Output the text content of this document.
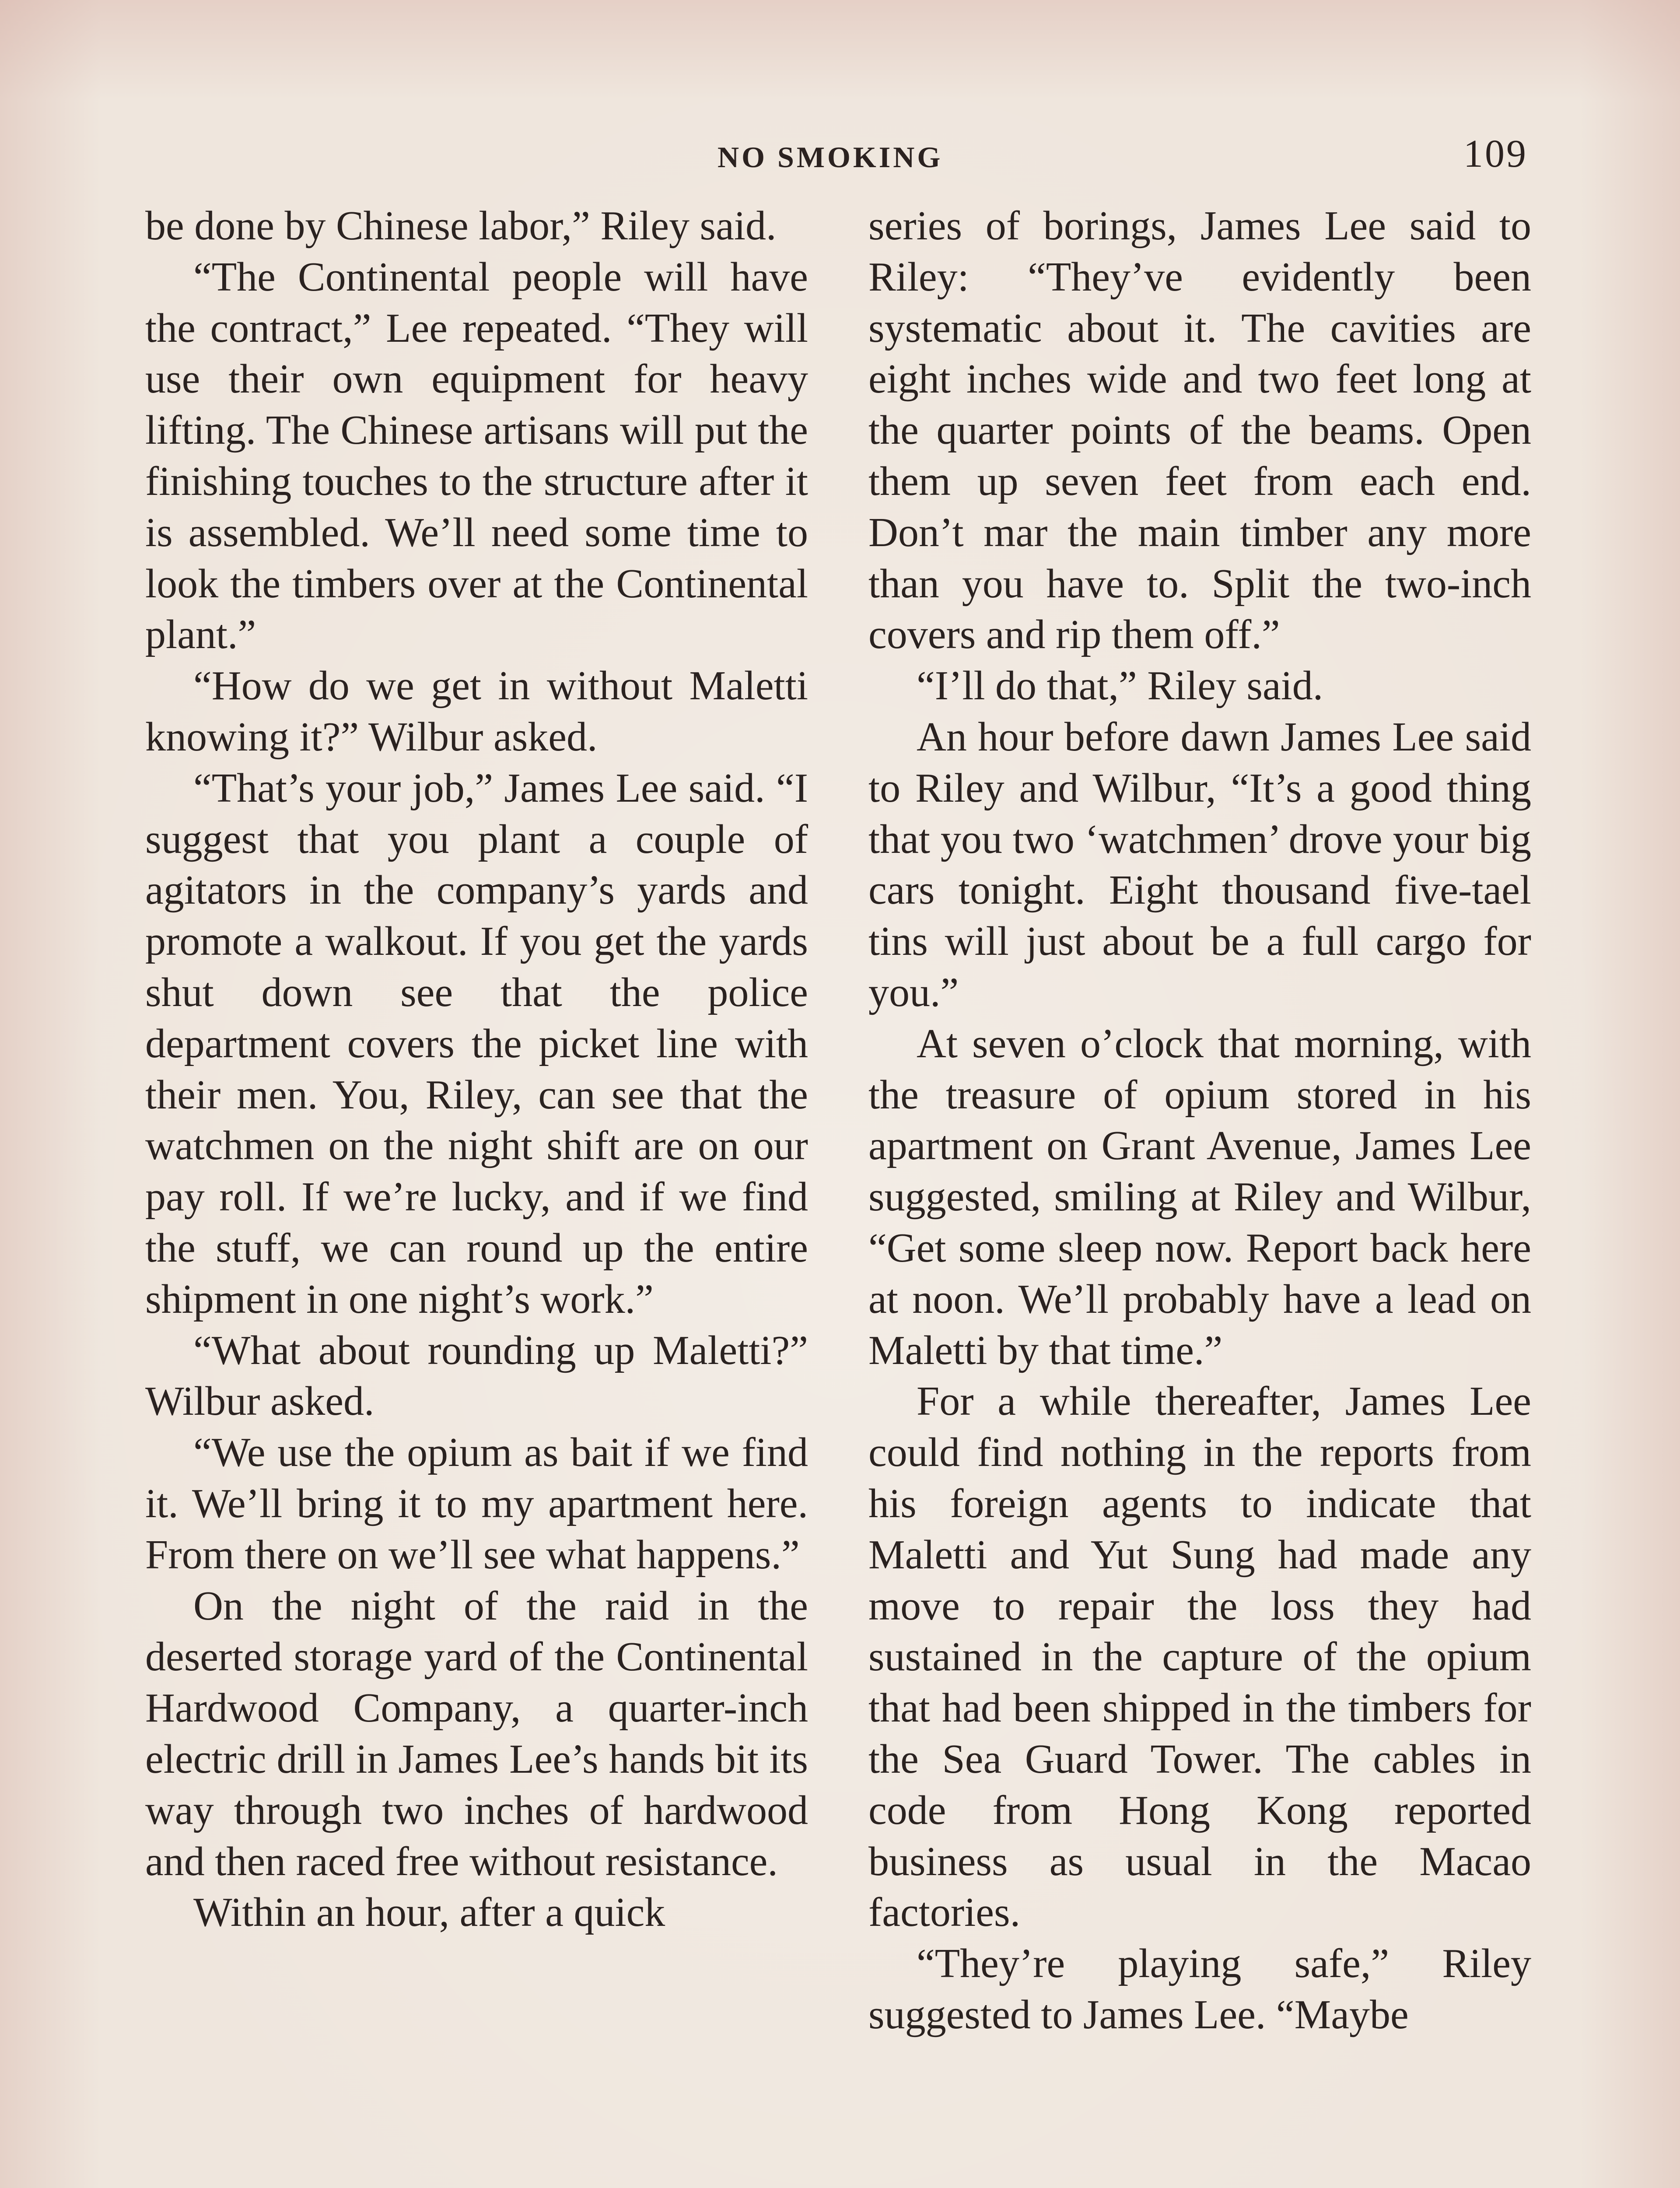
NO SMOKING	109

be done by Chinese labor,” Riley said.

“The Continental people will have the contract,” Lee repeated. “They will use their own equipment for heavy lifting. The Chinese artisans will put the finishing touches to the structure after it is assembled. We’ll need some time to look the timbers over at the Continental plant.”

“How do we get in without Maletti knowing it?” Wilbur asked.

“That’s your job,” James Lee said. “I suggest that you plant a couple of agitators in the company’s yards and promote a walkout. If you get the yards shut down see that the police department covers the picket line with their men. You, Riley, can see that the watchmen on the night shift are on our pay roll. If we’re lucky, and if we find the stuff, we can round up the entire shipment in one night’s work.”

“What about rounding up Maletti?” Wilbur asked.

“We use the opium as bait if we find it. We’ll bring it to my apartment here. From there on we’ll see what happens.”

On the night of the raid in the deserted storage yard of the Continental Hardwood Company, a quarter-inch electric drill in James Lee’s hands bit its way through two inches of hardwood and then raced free without resistance.

Within an hour, after a quick

series of borings, James Lee said to Riley: “They’ve evidently been systematic about it. The cavities are eight inches wide and two feet long at the quarter points of the beams. Open them up seven feet from each end. Don’t mar the main timber any more than you have to. Split the two-inch covers and rip them off.”

“I’ll do that,” Riley said.

An hour before dawn James Lee said to Riley and Wilbur, “It’s a good thing that you two ‘watchmen’ drove your big cars tonight. Eight thousand five-tael tins will just about be a full cargo for you.”

At seven o’clock that morning, with the treasure of opium stored in his apartment on Grant Avenue, James Lee suggested, smiling at Riley and Wilbur, “Get some sleep now. Report back here at noon. We’ll probably have a lead on Maletti by that time.”

For a while thereafter, James Lee could find nothing in the reports from his foreign agents to indicate that Maletti and Yut Sung had made any move to repair the loss they had sustained in the capture of the opium that had been shipped in the timbers for the Sea Guard Tower. The cables in code from Hong Kong reported business as usual in the Macao factories.

“They’re playing safe,” Riley suggested to James Lee. “Maybe
